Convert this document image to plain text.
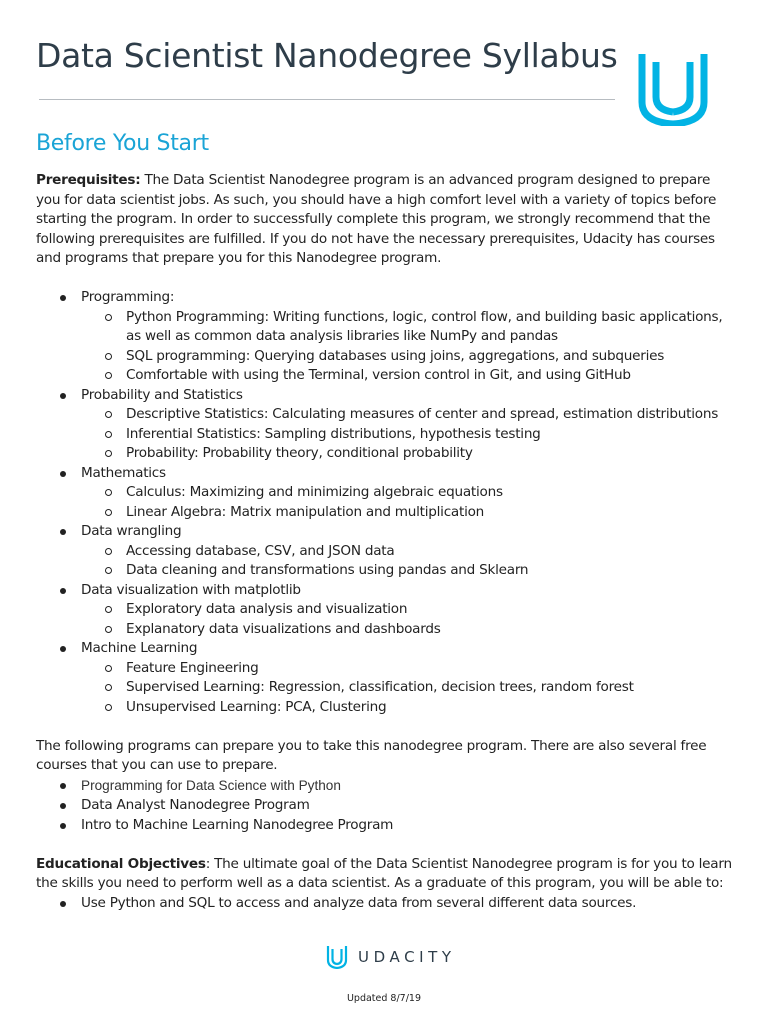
Data Scientist Nanodegree Syllabus
Before You Start

Prerequisites: The Data Scientist Nanodegree program is an advanced program designed to prepare you for data scientist jobs. As such, you should have a high comfort level with a variety of topics before starting the program. In order to successfully complete this program, we strongly recommend that the following prerequisites are fulfilled. If you do not have the necessary prerequisites, Udacity has courses and programs that prepare you for this Nanodegree program.

Programming:
Python Programming: Writing functions, logic, control flow, and building basic applications, as well as common data analysis libraries like NumPy and pandas
SQL programming: Querying databases using joins, aggregations, and subqueries
Comfortable with using the Terminal, version control in Git, and using GitHub
Probability and Statistics
Descriptive Statistics: Calculating measures of center and spread, estimation distributions
Inferential Statistics: Sampling distributions, hypothesis testing
Probability: Probability theory, conditional probability
Mathematics
Calculus: Maximizing and minimizing algebraic equations
Linear Algebra: Matrix manipulation and multiplication
Data wrangling
Accessing database, CSV, and JSON data
Data cleaning and transformations using pandas and Sklearn
Data visualization with matplotlib
Exploratory data analysis and visualization
Explanatory data visualizations and dashboards
Machine Learning
Feature Engineering
Supervised Learning: Regression, classification, decision trees, random forest
Unsupervised Learning: PCA, Clustering

The following programs can prepare you to take this nanodegree program. There are also several free courses that you can use to prepare.

Programming for Data Science with Python
Data Analyst Nanodegree Program
Intro to Machine Learning Nanodegree Program

Educational Objectives: The ultimate goal of the Data Scientist Nanodegree program is for you to learn the skills you need to perform well as a data scientist. As a graduate of this program, you will be able to:

Use Python and SQL to access and analyze data from several different data sources.
UDACITY
Updated 8/7/19
